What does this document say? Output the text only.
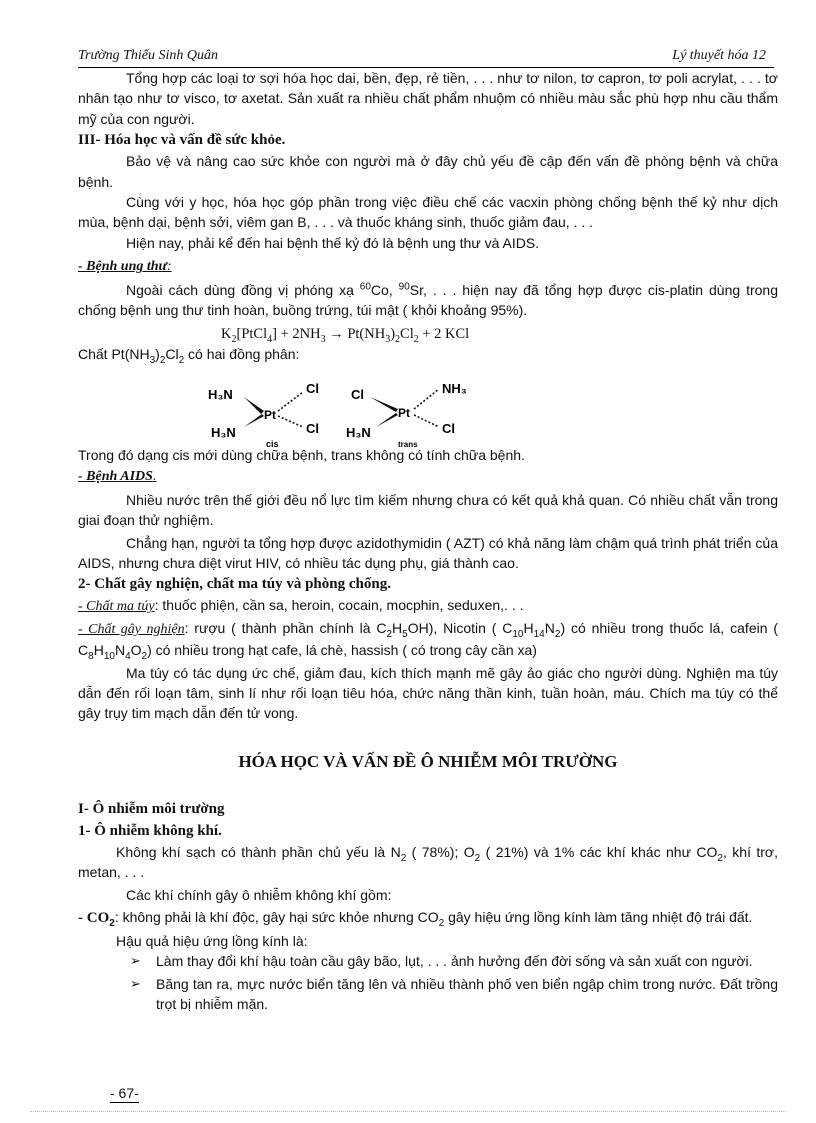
Trường Thiếu Sinh Quân	Lý thuyết hóa 12

Tổng hợp các loại tơ sợi hóa học dai, bền, đẹp, rẻ tiền, . . . như tơ nilon, tơ capron, tơ poli acrylat, . . . tơ nhân tạo như tơ visco, tơ axetat. Sản xuất ra nhiều chất phẩm nhuộm có nhiều màu sắc phù hợp nhu cầu thẩm mỹ của con người.

III- Hóa học và vấn đề sức khỏe.

Bảo vệ và nâng cao sức khỏe con người mà ở đây chủ yếu đề cập đến vấn đề phòng bệnh và chữa bệnh.

Cùng với y học, hóa học góp phần trong việc điều chế các vacxin phòng chống bệnh thế kỷ như dịch mùa, bệnh dại, bệnh sởi, viêm gan B, . . . và thuốc kháng sinh, thuốc giảm đau, . . .

Hiện nay, phải kể đến hai bệnh thế kỷ đó là bệnh ung thư và AIDS.

- Bệnh ung thư:

Ngoài cách dùng đồng vị phóng xạ $^{60}$Co, $^{90}$Sr, . . . hiện nay đã tổng hợp được cis-platin dùng trong chống bệnh ung thư tinh hoàn, buồng trứng, túi mật ( khỏi khoảng 95%).

$K_2[PtCl_4] + 2NH_3 \to Pt(NH_3)_2Cl_2 + 2$ KCl

Chất $Pt(NH_3)_2Cl_2$ có hai đồng phân:

H₃N
H₃N
Pt
Cl
Cl
cis
Cl
H₃N
Pt
NH₃
Cl
trans

Trong đó dạng cis mới dùng chữa bệnh, trans không có tính chữa bệnh.

- Bệnh AIDS.

Nhiều nước trên thế giới đều nổ lực tìm kiếm nhưng chưa có kết quả khả quan. Có nhiều chất vẫn trong giai đoạn thử nghiệm.

Chẳng hạn, người ta tổng hợp được azidothymidin ( AZT) có khả năng làm chậm quá trình phát triển của AIDS, nhưng chưa diệt virut HIV, có nhiều tác dụng phụ, giá thành cao.

2- Chất gây nghiện, chất ma túy và phòng chống.

- Chất ma túy: thuốc phiện, cần sa, heroin, cocain, mocphin, seduxen,. . .

- Chất gây nghiện: rượu ( thành phần chính là $C_2H_5OH$), Nicotin ( $C_{10}H_{14}N_2$) có nhiều trong thuốc lá, cafein ( $C_8H_{10}N_4O_2$) có nhiều trong hạt cafe, lá chè, hassish ( có trong cây cần xa)

Ma túy có tác dụng ức chế, giảm đau, kích thích mạnh mẽ gây ảo giác cho người dùng. Nghiện ma túy dẫn đến rối loạn tâm, sinh lí như rối loạn tiêu hóa, chức năng thần kinh, tuần hoàn, máu. Chích ma túy có thể gây trụy tim mạch dẫn đến tử vong.

HÓA HỌC VÀ VẤN ĐỀ Ô NHIỄM MÔI TRƯỜNG

I- Ô nhiễm môi trường

1- Ô nhiễm không khí.

Không khí sạch có thành phần chủ yếu là $N_2$ ( 78%); $O_2$ ( 21%) và 1% các khí khác như $CO_2$, khí trơ, metan, . . .

Các khí chính gây ô nhiễm không khí gồm:

- $CO_2$: không phải là khí độc, gây hại sức khỏe nhưng $CO_2$ gây hiệu ứng lồng kính làm tăng nhiệt độ trái đất.

Hậu quả hiệu ứng lồng kính là:

➢	Làm thay đổi khí hậu toàn cầu gây bão, lụt, . . . ảnh hưởng đến đời sống và sản xuất con người.
➢	Băng tan ra, mực nước biển tăng lên và nhiều thành phố ven biển ngập chìm trong nước. Đất trồng trọt bị nhiễm mặn.
- 67-
